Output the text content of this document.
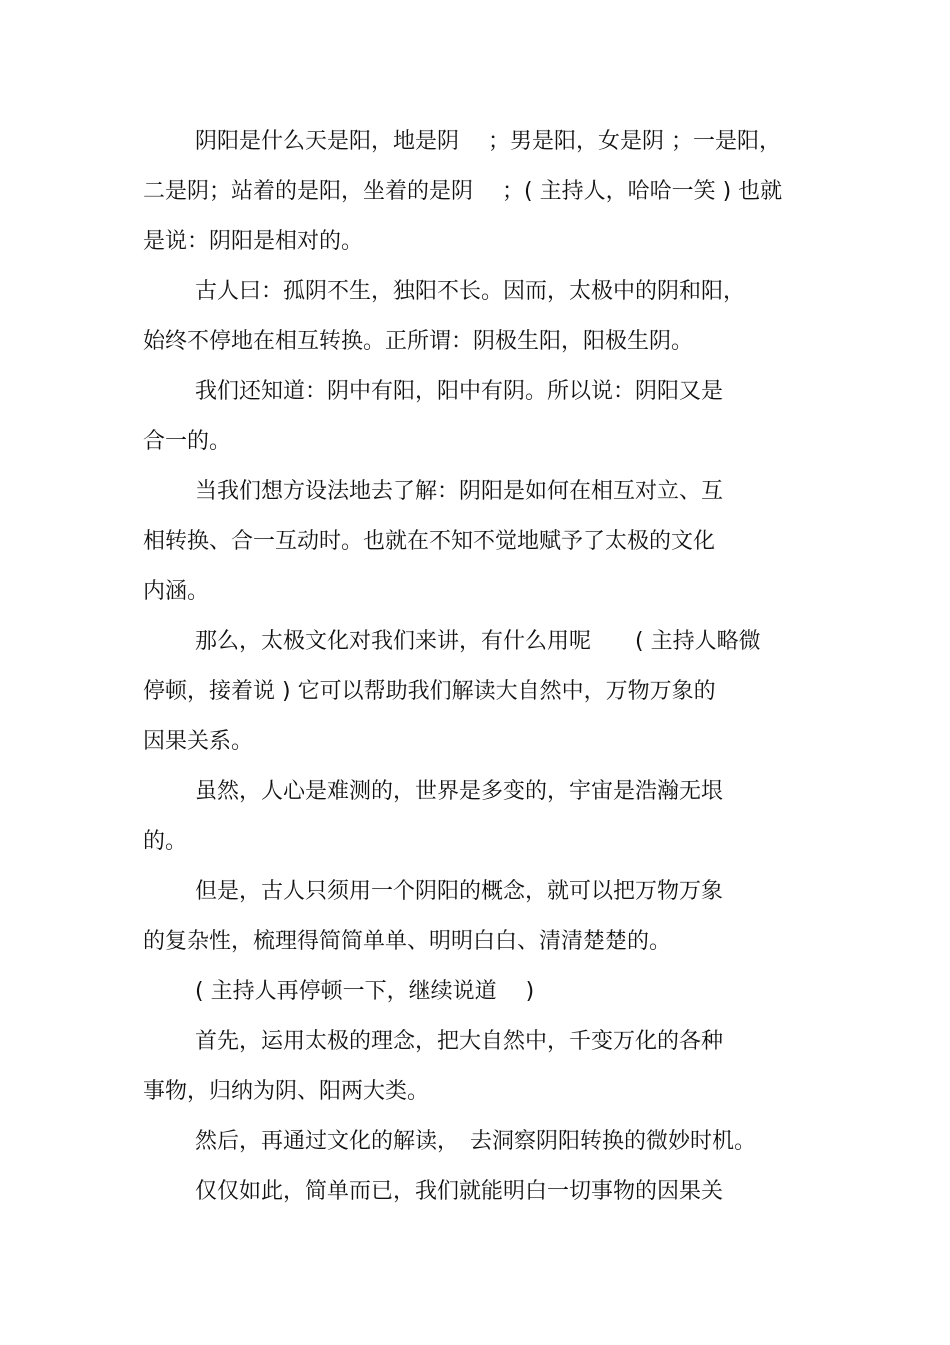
阴阳是什么天是阳，地是阴　 ；男是阳，女是阴 ；一是阳，

二是阴；站着的是阳，坐着的是阴　 ；( 主持人，哈哈一笑 ) 也就

是说：阴阳是相对的。

古人曰：孤阴不生，独阳不长。因而，太极中的阴和阳，

始终不停地在相互转换。正所谓：阴极生阳，阳极生阴。

我们还知道：阴中有阳，阳中有阴。所以说：阴阳又是

合一的。

当我们想方设法地去了解：阴阳是如何在相互对立、互

相转换、合一互动时。也就在不知不觉地赋予了太极的文化

内涵。

那么，太极文化对我们来讲，有什么用呢　　( 主持人略微

停顿，接着说 ) 它可以帮助我们解读大自然中，万物万象的

因果关系。

虽然，人心是难测的，世界是多变的，宇宙是浩瀚无垠

的。

但是，古人只须用一个阴阳的概念，就可以把万物万象

的复杂性，梳理得简简单单、明明白白、清清楚楚的。

( 主持人再停顿一下，继续说道　 )

首先，运用太极的理念，把大自然中，千变万化的各种

事物，归纳为阴、阳两大类。

然后，再通过文化的解读，　去洞察阴阳转换的微妙时机。

仅仅如此，简单而已，我们就能明白一切事物的因果关
